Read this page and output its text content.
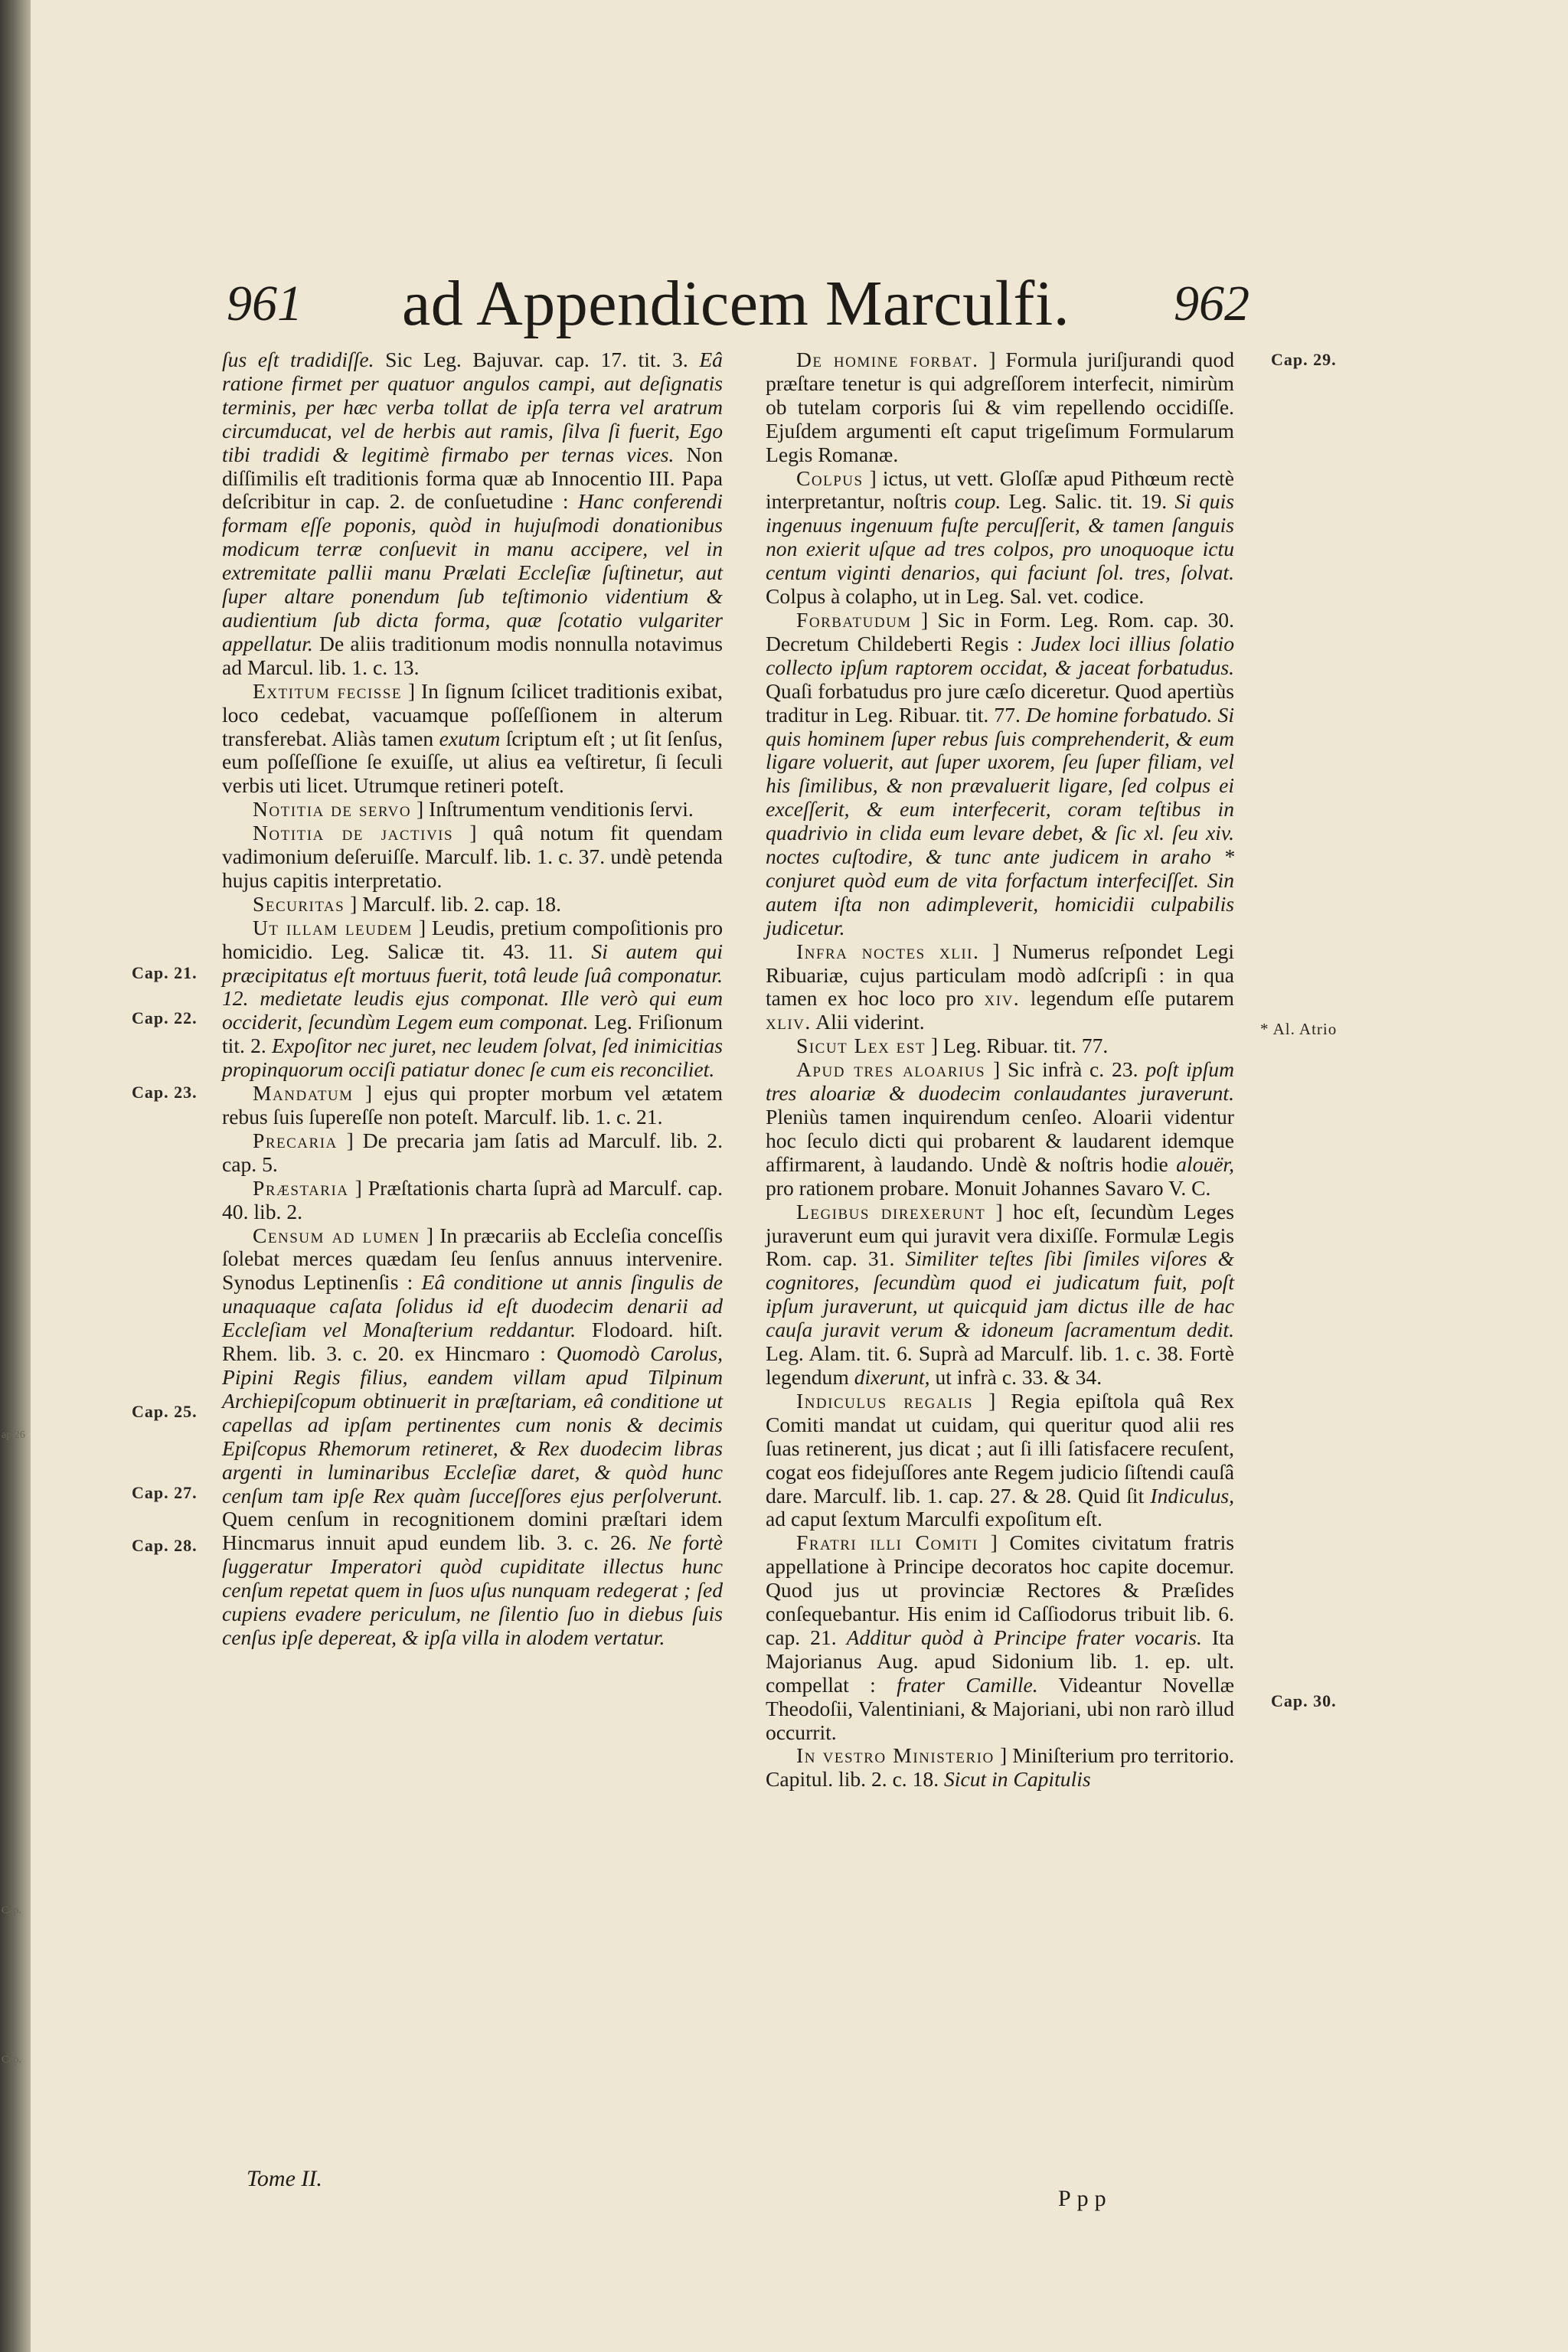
ap.26
Cap.
Cap.
961 ad Appendicem Marculfi. 962

ſus eſt tradidiſſe. Sic Leg. Bajuvar. cap. 17. tit. 3. Eâ ratione firmet per quatuor angulos campi, aut deſignatis terminis, per hæc verba tollat de ipſa terra vel aratrum circumducat, vel de herbis aut ramis, ſilva ſi fuerit, Ego tibi tradidi & legitimè firmabo per ternas vices. Non diſſimilis eſt traditionis forma quæ ab Innocentio III. Papa deſcribitur in cap. 2. de conſuetudine : Hanc conferendi formam eſſe poponis, quòd in hujuſmodi donationibus modicum terræ conſuevit in manu accipere, vel in extremitate pallii manu Prælati Eccleſiæ ſuſtinetur, aut ſuper altare ponendum ſub teſtimonio videntium & audientium ſub dicta forma, quæ ſcotatio vulgariter appellatur. De aliis traditionum modis nonnulla notavimus ad Marcul. lib. 1. c. 13.

Extitum fecisse ] In ſignum ſcilicet traditionis exibat, loco cedebat, vacuamque poſſeſſionem in alterum transferebat. Aliàs tamen exutum ſcriptum eſt ; ut ſit ſenſus, eum poſſeſſione ſe exuiſſe, ut alius ea veſtiretur, ſi ſeculi verbis uti licet. Utrumque retineri poteſt.

Notitia de servo ] Inſtrumentum venditionis ſervi.

Notitia de jactivis ] quâ notum fit quendam vadimonium deſeruiſſe. Marculf. lib. 1. c. 37. undè petenda hujus capitis interpretatio.

Securitas ] Marculf. lib. 2. cap. 18.

Ut illam leudem ] Leudis, pretium compoſitionis pro homicidio. Leg. Salicæ tit. 43. 11. Si autem qui præcipitatus eſt mortuus fuerit, totâ leude ſuâ componatur. 12. medietate leudis ejus componat. Ille verò qui eum occiderit, ſecundùm Legem eum componat. Leg. Friſionum tit. 2. Expoſitor nec juret, nec leudem ſolvat, ſed inimicitias propinquorum occiſi patiatur donec ſe cum eis reconciliet.

Mandatum ] ejus qui propter morbum vel ætatem rebus ſuis ſupereſſe non poteſt. Marculf. lib. 1. c. 21.

Precaria ] De precaria jam ſatis ad Marculf. lib. 2. cap. 5.

Præstaria ] Præſtationis charta ſuprà ad Marculf. cap. 40. lib. 2.

Censum ad lumen ] In præcariis ab Eccleſia conceſſis ſolebat merces quædam ſeu ſenſus annuus intervenire. Synodus Leptinenſis : Eâ conditione ut annis ſingulis de unaquaque caſata ſolidus id eſt duodecim denarii ad Eccleſiam vel Monaſterium reddantur. Flodoard. hiſt. Rhem. lib. 3. c. 20. ex Hincmaro : Quomodò Carolus, Pipini Regis filius, eandem villam apud Tilpinum Archiepiſcopum obtinuerit in præſtariam, eâ conditione ut capellas ad ipſam pertinentes cum nonis & decimis Epiſcopus Rhemorum retineret, & Rex duodecim libras argenti in luminaribus Eccleſiæ daret, & quòd hunc cenſum tam ipſe Rex quàm ſucceſſores ejus perſolverunt. Quem cenſum in recognitionem domini præſtari idem Hincmarus innuit apud eundem lib. 3. c. 26. Ne fortè ſuggeratur Imperatori quòd cupiditate illectus hunc cenſum repetat quem in ſuos uſus nunquam redegerat ; ſed cupiens evadere periculum, ne ſilentio ſuo in diebus ſuis cenſus ipſe depereat, & ipſa villa in alodem vertatur.

De homine forbat. ] Formula juriſjurandi quod præſtare tenetur is qui adgreſſorem interfecit, nimirùm ob tutelam corporis ſui & vim repellendo occidiſſe. Ejuſdem argumenti eſt caput trigeſimum Formularum Legis Romanæ.

Colpus ] ictus, ut vett. Gloſſæ apud Pithœum rectè interpretantur, noſtris coup. Leg. Salic. tit. 19. Si quis ingenuus ingenuum fuſte percuſſerit, & tamen ſanguis non exierit uſque ad tres colpos, pro unoquoque ictu centum viginti denarios, qui faciunt ſol. tres, ſolvat. Colpus à colapho, ut in Leg. Sal. vet. codice.

Forbatudum ] Sic in Form. Leg. Rom. cap. 30. Decretum Childeberti Regis : Judex loci illius ſolatio collecto ipſum raptorem occidat, & jaceat forbatudus. Quaſi forbatudus pro jure cæſo diceretur. Quod apertiùs traditur in Leg. Ribuar. tit. 77. De homine forbatudo. Si quis hominem ſuper rebus ſuis comprehenderit, & eum ligare voluerit, aut ſuper uxorem, ſeu ſuper filiam, vel his ſimilibus, & non prævaluerit ligare, ſed colpus ei exceſſerit, & eum interfecerit, coram teſtibus in quadrivio in clida eum levare debet, & ſic xl. ſeu xiv. noctes cuſtodire, & tunc ante judicem in araho * conjuret quòd eum de vita forfactum interfeciſſet. Sin autem iſta non adimpleverit, homicidii culpabilis judicetur.

Infra noctes xlii. ] Numerus reſpondet Legi Ribuariæ, cujus particulam modò adſcripſi : in qua tamen ex hoc loco pro xiv. legendum eſſe putarem xliv. Alii viderint.

Sicut Lex est ] Leg. Ribuar. tit. 77.

Apud tres aloarius ] Sic infrà c. 23. poſt ipſum tres aloariæ & duodecim conlaudantes juraverunt. Pleniùs tamen inquirendum cenſeo. Aloarii videntur hoc ſeculo dicti qui probarent & laudarent idemque affirmarent, à laudando. Undè & noſtris hodie alouër, pro rationem probare. Monuit Johannes Savaro V. C.

Legibus direxerunt ] hoc eſt, ſecundùm Leges juraverunt eum qui juravit vera dixiſſe. Formulæ Legis Rom. cap. 31. Similiter teſtes ſibi ſimiles viſores & cognitores, ſecundùm quod ei judicatum fuit, poſt ipſum juraverunt, ut quicquid jam dictus ille de hac cauſa juravit verum & idoneum ſacramentum dedit. Leg. Alam. tit. 6. Suprà ad Marculf. lib. 1. c. 38. Fortè legendum dixerunt, ut infrà c. 33. & 34.

Indiculus regalis ] Regia epiſtola quâ Rex Comiti mandat ut cuidam, qui queritur quod alii res ſuas retinerent, jus dicat ; aut ſi illi ſatisfacere recuſent, cogat eos fidejuſſores ante Regem judicio ſiſtendi cauſâ dare. Marculf. lib. 1. cap. 27. & 28. Quid ſit Indiculus, ad caput ſextum Marculfi expoſitum eſt.

Fratri illi Comiti ] Comites civitatum fratris appellatione à Principe decoratos hoc capite docemur. Quod jus ut provinciæ Rectores & Præſides conſequebantur. His enim id Caſſiodorus tribuit lib. 6. cap. 21. Additur quòd à Principe frater vocaris. Ita Majorianus Aug. apud Sidonium lib. 1. ep. ult. compellat : frater Camille. Videantur Novellæ Theodoſii, Valentiniani, & Majoriani, ubi non rarò illud occurrit.

In vestro Ministerio ] Miniſterium pro territorio. Capitul. lib. 2. c. 18. Sicut in Capitulis

Cap. 21.
Cap. 22.
Cap. 23.
Cap. 25.
Cap. 27.
Cap. 28.
Cap. 29.
* Al. Atrio
Cap. 30.
Tome II.
Ppp
